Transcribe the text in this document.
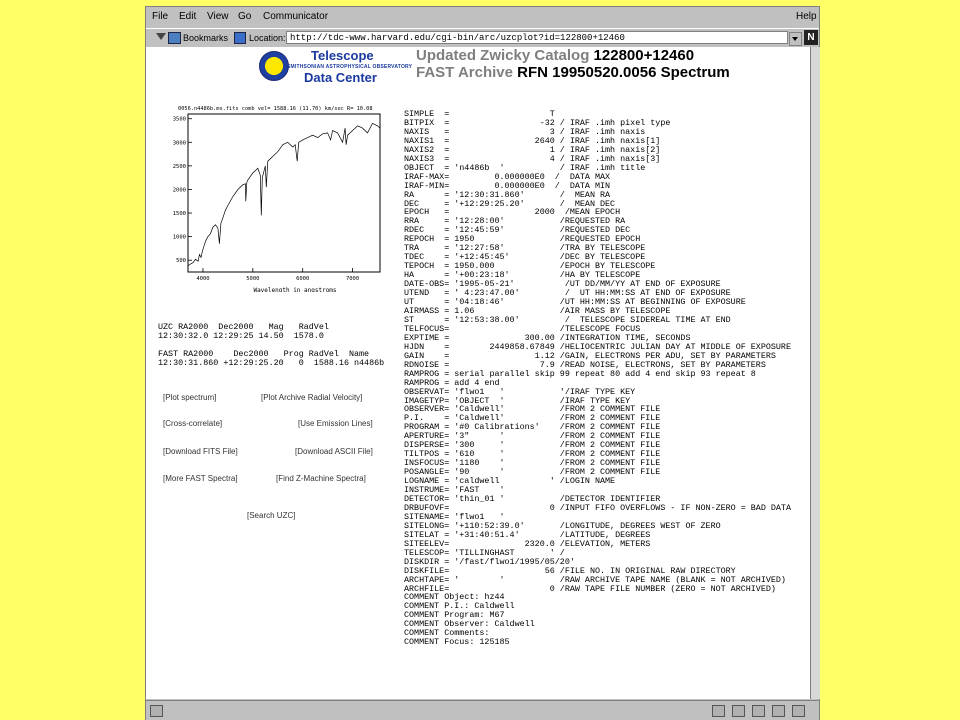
File Edit View Go Communicator	Help
Bookmarks Location: http://tdc-www.harvard.edu/cgi-bin/arc/uzcplot?id=122800+12460	N
Telescope
SMITHSONIAN ASTROPHYSICAL OBSERVATORY
Data Center
Updated Zwicky Catalog 122800+12460
FAST Archive RFN 19950520.0056 Spectrum
0056.n4486b.ms.fits comb vel= 1588.16 (11.70) km/sec R= 10.08
3500
3000
2500
2000
1500
1000
500
4000	5000	6000	7000
Wavelength in angstroms
UZC RA2000  Dec2000   Mag   RadVel
12:30:32.0 12:29:25 14.50  1578.0
FAST RA2000    Dec2000   Prog RadVel  Name
12:30:31.860 +12:29:25.20   0  1588.16 n4486b
[Plot spectrum]	[Plot Archive Radial Velocity]
[Cross-correlate]	[Use Emission Lines]
[Download FITS File]	[Download ASCII File]
[More FAST Spectra]	[Find Z-Machine Spectra]
[Search UZC]
SIMPLE  =                    T
BITPIX  =                  -32 / IRAF .imh pixel type
NAXIS   =                    3 / IRAF .imh naxis
NAXIS1  =                 2640 / IRAF .imh naxis[1]
NAXIS2  =                    1 / IRAF .imh naxis[2]
NAXIS3  =                    4 / IRAF .imh naxis[3]
OBJECT  = 'n4486b  '           / IRAF .imh title
IRAF-MAX=         0.000000E0  /  DATA MAX
IRAF-MIN=         0.000000E0  /  DATA MIN
RA      = '12:30:31.860'       /  MEAN RA
DEC     = '+12:29:25.20'       /  MEAN DEC
EPOCH   =                 2000  /MEAN EPOCH
RRA     = '12:28:00'           /REQUESTED RA
RDEC    = '12:45:59'           /REQUESTED DEC
REPOCH  = 1950                 /REQUESTED EPOCH
TRA     = '12:27:58'           /TRA BY TELESCOPE
TDEC    = '+12:45:45'          /DEC BY TELESCOPE
TEPOCH  = 1950.000             /EPOCH BY TELESCOPE
HA      = '+00:23:18'          /HA BY TELESCOPE
DATE-OBS= '1995-05-21'          /UT DD/MM/YY AT END OF EXPOSURE
UTEND   = ' 4:23:47.00'         /  UT HH:MM:SS AT END OF EXPOSURE
UT      = '04:18:46'           /UT HH:MM:SS AT BEGINNING OF EXPOSURE
AIRMASS = 1.06                 /AIR MASS BY TELESCOPE
ST      = '12:53:38.00'         /  TELESCOPE SIDEREAL TIME AT END
TELFOCUS=                      /TELESCOPE FOCUS
EXPTIME =               300.00 /INTEGRATION TIME, SECONDS
HJDN    =        2449858.67849 /HELIOCENTRIC JULIAN DAY AT MIDDLE OF EXPOSURE
GAIN    =                 1.12 /GAIN, ELECTRONS PER ADU, SET BY PARAMETERS
RDNOISE =                  7.9 /READ NOISE, ELECTRONS, SET BY PARAMETERS
RAMPROG = serial parallel skip 99 repeat 80 add 4 end skip 93 repeat 8
RAMPROG = add 4 end
OBSERVAT= 'flwo1   '           '/IRAF TYPE KEY
IMAGETYP= 'OBJECT  '           /IRAF TYPE KEY
OBSERVER= 'Caldwell'           /FROM 2 COMMENT FILE
P.I.    = 'Caldwell'           /FROM 2 COMMENT FILE
PROGRAM = '#0 Calibrations'    /FROM 2 COMMENT FILE
APERTURE= '3"      '           /FROM 2 COMMENT FILE
DISPERSE= '300     '           /FROM 2 COMMENT FILE
TILTPOS = '610     '           /FROM 2 COMMENT FILE
INSFOCUS= '1180    '           /FROM 2 COMMENT FILE
POSANGLE= '90      '           /FROM 2 COMMENT FILE
LOGNAME = 'caldwell          ' /LOGIN NAME
INSTRUME= 'FAST    '
DETECTOR= 'thin_01 '           /DETECTOR IDENTIFIER
DRBUFOVF=                    0 /INPUT FIFO OVERFLOWS - IF NON-ZERO = BAD DATA
SITENAME= 'flwo1   '
SITELONG= '+110:52:39.0'       /LONGITUDE, DEGREES WEST OF ZERO
SITELAT = '+31:40:51.4'        /LATITUDE, DEGREES
SITEELEV=               2320.0 /ELEVATION, METERS
TELESCOP= 'TILLINGHAST       ' /
DISKDIR = '/fast/flwo1/1995/05/20'
DISKFILE=                   56 /FILE NO. IN ORIGINAL RAW DIRECTORY
ARCHTAPE= '        '           /RAW ARCHIVE TAPE NAME (BLANK = NOT ARCHIVED)
ARCHFILE=                    0 /RAW TAPE FILE NUMBER (ZERO = NOT ARCHIVED)
COMMENT Object: hz44
COMMENT P.I.: Caldwell
COMMENT Program: M67
COMMENT Observer: Caldwell
COMMENT Comments:
COMMENT Focus: 125185
